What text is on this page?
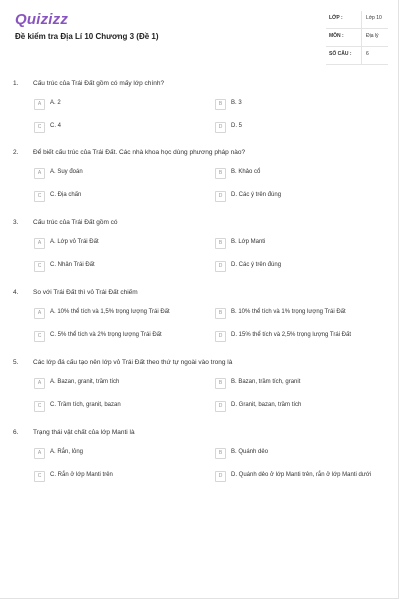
Quizizz
Đề kiểm tra Địa Lí 10 Chương 3 (Đề 1)
LỚP :	Lớp 10
MÔN :	Địa lý
SỐ CÂU :	6
1. Cấu trúc của Trái Đất gồm có mấy lớp chính?
A	A. 2	B	B. 3
C	C. 4	D	D. 5
2. Để biết cấu trúc của Trái Đất. Các nhà khoa học dùng phương pháp nào?
A	A. Suy đoán	B	B. Khảo cổ
C	C. Địa chấn	D	D. Các ý trên đúng
3. Cấu trúc của Trái Đất gồm có
A	A. Lớp vỏ Trái Đất	B	B. Lớp Manti
C	C. Nhân Trái Đất	D	D. Các ý trên đúng
4. So với Trái Đất thì vỏ Trái Đất chiếm
A	A. 10% thể tích và 1,5% trọng lượng Trái Đất	B	B. 10% thể tích và 1% trọng lượng Trái Đất
C	C. 5% thể tích và 2% trọng lượng Trái Đất	D	D. 15% thể tích và 2,5% trọng lượng Trái Đất
5. Các lớp đá cấu tạo nên lớp vỏ Trái Đất theo thứ tự ngoài vào trong là
A	A. Bazan, granit, trầm tích	B	B. Bazan, trầm tích, granit
C	C. Trầm tích, granit, bazan	D	D. Granit, bazan, trầm tích
6. Trạng thái vật chất của lớp Manti là
A	A. Rắn, lỏng	B	B. Quánh dẻo
C	C. Rắn ở lớp Manti trên	D	D. Quánh dẻo ở lớp Manti trên, rắn ở lớp Manti dưới
